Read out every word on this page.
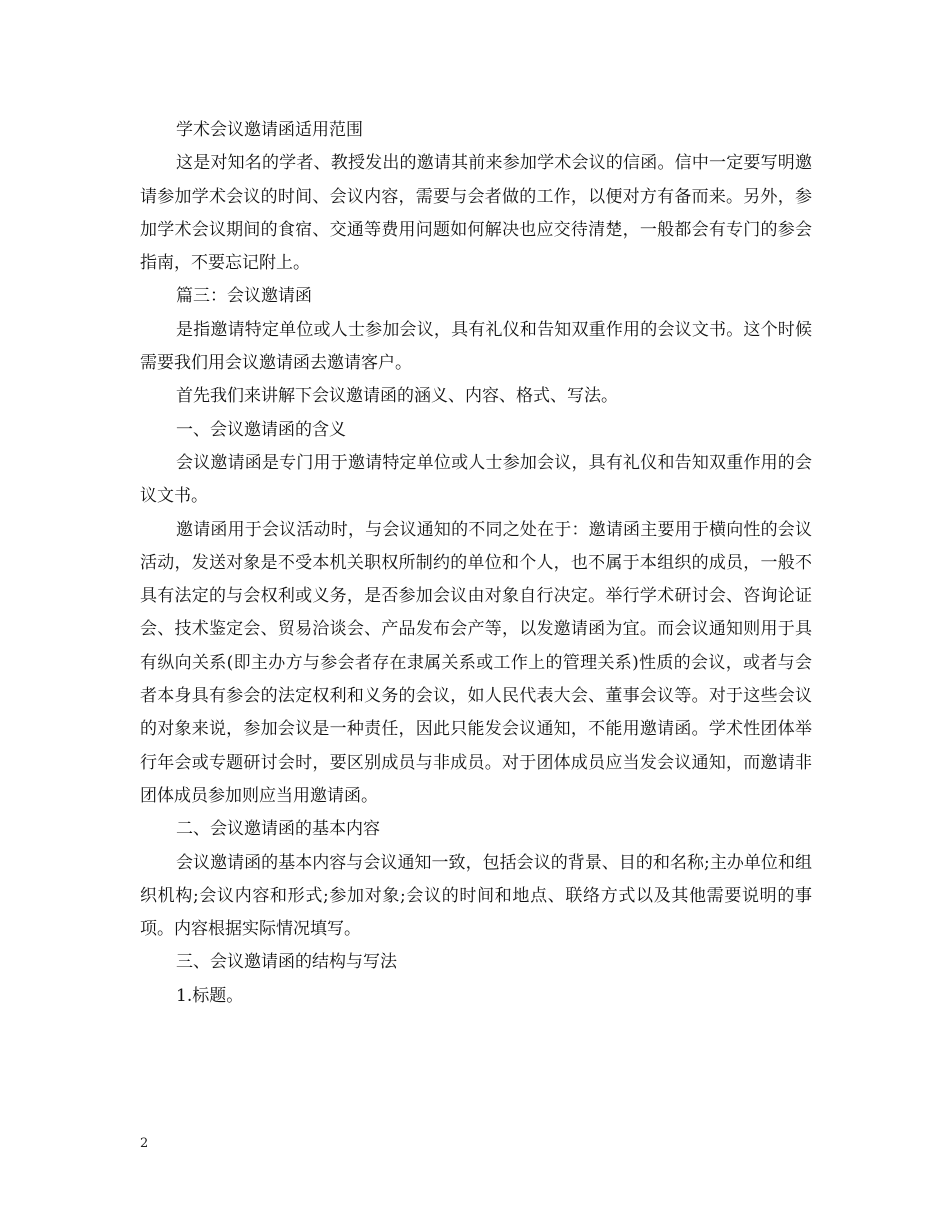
学术会议邀请函适用范围

这是对知名的学者、教授发出的邀请其前来参加学术会议的信函。信中一定要写明邀请参加学术会议的时间、会议内容，需要与会者做的工作，以便对方有备而来。另外，参加学术会议期间的食宿、交通等费用问题如何解决也应交待清楚，一般都会有专门的参会指南，不要忘记附上。

篇三：会议邀请函

是指邀请特定单位或人士参加会议，具有礼仪和告知双重作用的会议文书。这个时候需要我们用会议邀请函去邀请客户。

首先我们来讲解下会议邀请函的涵义、内容、格式、写法。

一、会议邀请函的含义

会议邀请函是专门用于邀请特定单位或人士参加会议，具有礼仪和告知双重作用的会议文书。

邀请函用于会议活动时，与会议通知的不同之处在于：邀请函主要用于横向性的会议活动，发送对象是不受本机关职权所制约的单位和个人，也不属于本组织的成员，一般不具有法定的与会权利或义务，是否参加会议由对象自行决定。举行学术研讨会、咨询论证会、技术鉴定会、贸易洽谈会、产品发布会产等，以发邀请函为宜。而会议通知则用于具有纵向关系(即主办方与参会者存在隶属关系或工作上的管理关系)性质的会议，或者与会者本身具有参会的法定权利和义务的会议，如人民代表大会、董事会议等。对于这些会议的对象来说，参加会议是一种责任，因此只能发会议通知，不能用邀请函。学术性团体举行年会或专题研讨会时，要区别成员与非成员。对于团体成员应当发会议通知，而邀请非团体成员参加则应当用邀请函。

二、会议邀请函的基本内容

会议邀请函的基本内容与会议通知一致，包括会议的背景、目的和名称;主办单位和组织机构;会议内容和形式;参加对象;会议的时间和地点、联络方式以及其他需要说明的事项。内容根据实际情况填写。

三、会议邀请函的结构与写法

1.标题。

2
